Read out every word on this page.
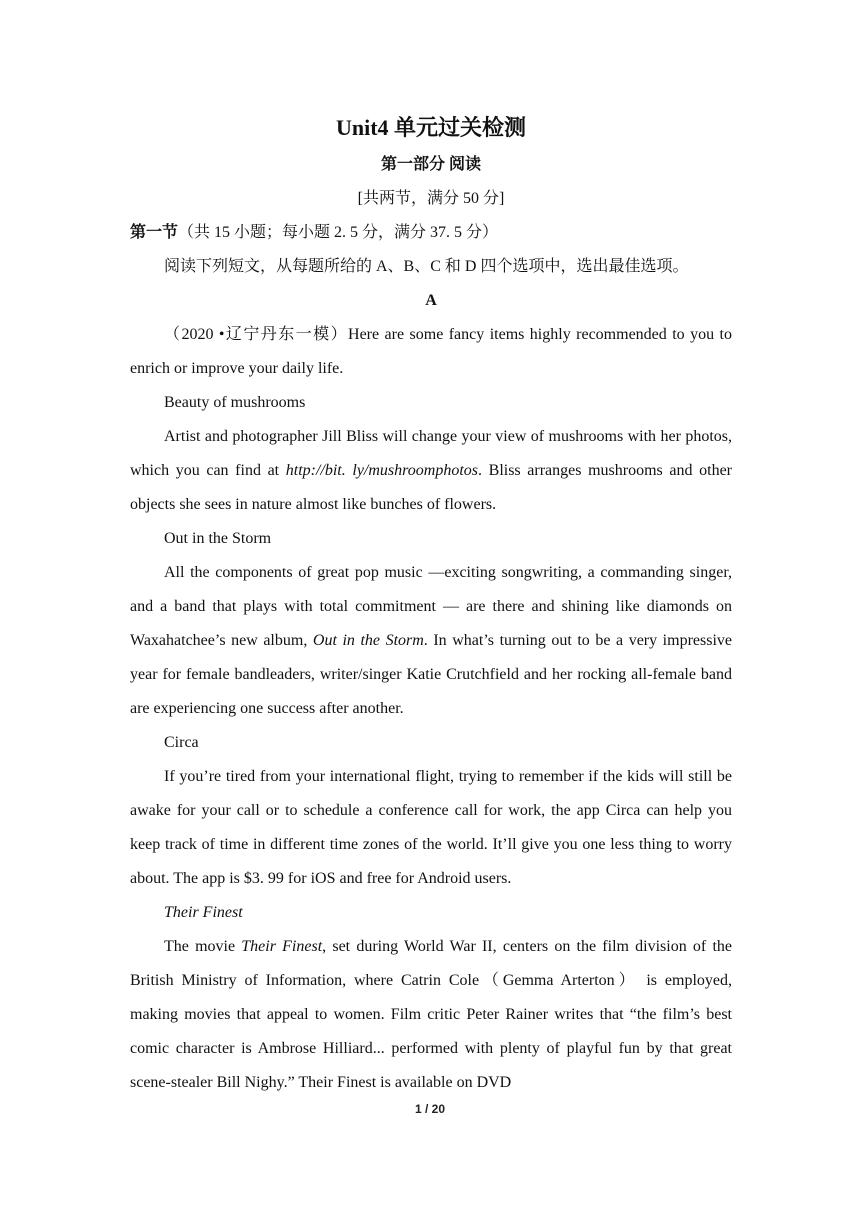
Unit4 单元过关检测

第一部分 阅读

[共两节，满分 50 分]

第一节（共 15 小题；每小题 2. 5 分，满分 37. 5 分）

阅读下列短文，从每题所给的 A、B、C 和 D 四个选项中，选出最佳选项。

A

（2020 •辽宁丹东一模）Here are some fancy items highly recommended to you to enrich or improve your daily life.

Beauty of mushrooms

Artist and photographer Jill Bliss will change your view of mushrooms with her photos, which you can find at http://bit. ly/mushroomphotos. Bliss arranges mushrooms and other objects she sees in nature almost like bunches of flowers.

Out in the Storm

All the components of great pop music —exciting songwriting, a commanding singer, and a band that plays with total commitment — are there and shining like diamonds on Waxahatchee’s new album, Out in the Storm. In what’s turning out to be a very impressive year for female bandleaders, writer/singer Katie Crutchfield and her rocking all-female band are experiencing one success after another.

Circa

If you’re tired from your international flight, trying to remember if the kids will still be awake for your call or to schedule a conference call for work, the app Circa can help you keep track of time in different time zones of the world. It’ll give you one less thing to worry about. The app is $3. 99 for iOS and free for Android users.

Their Finest

The movie Their Finest, set during World War II, centers on the film division of the British Ministry of Information, where Catrin Cole（Gemma Arterton） is employed, making movies that appeal to women. Film critic Peter Rainer writes that “the film’s best comic character is Ambrose Hilliard... performed with plenty of playful fun by that great scene-stealer Bill Nighy.” Their Finest is available on DVD

1 / 20
